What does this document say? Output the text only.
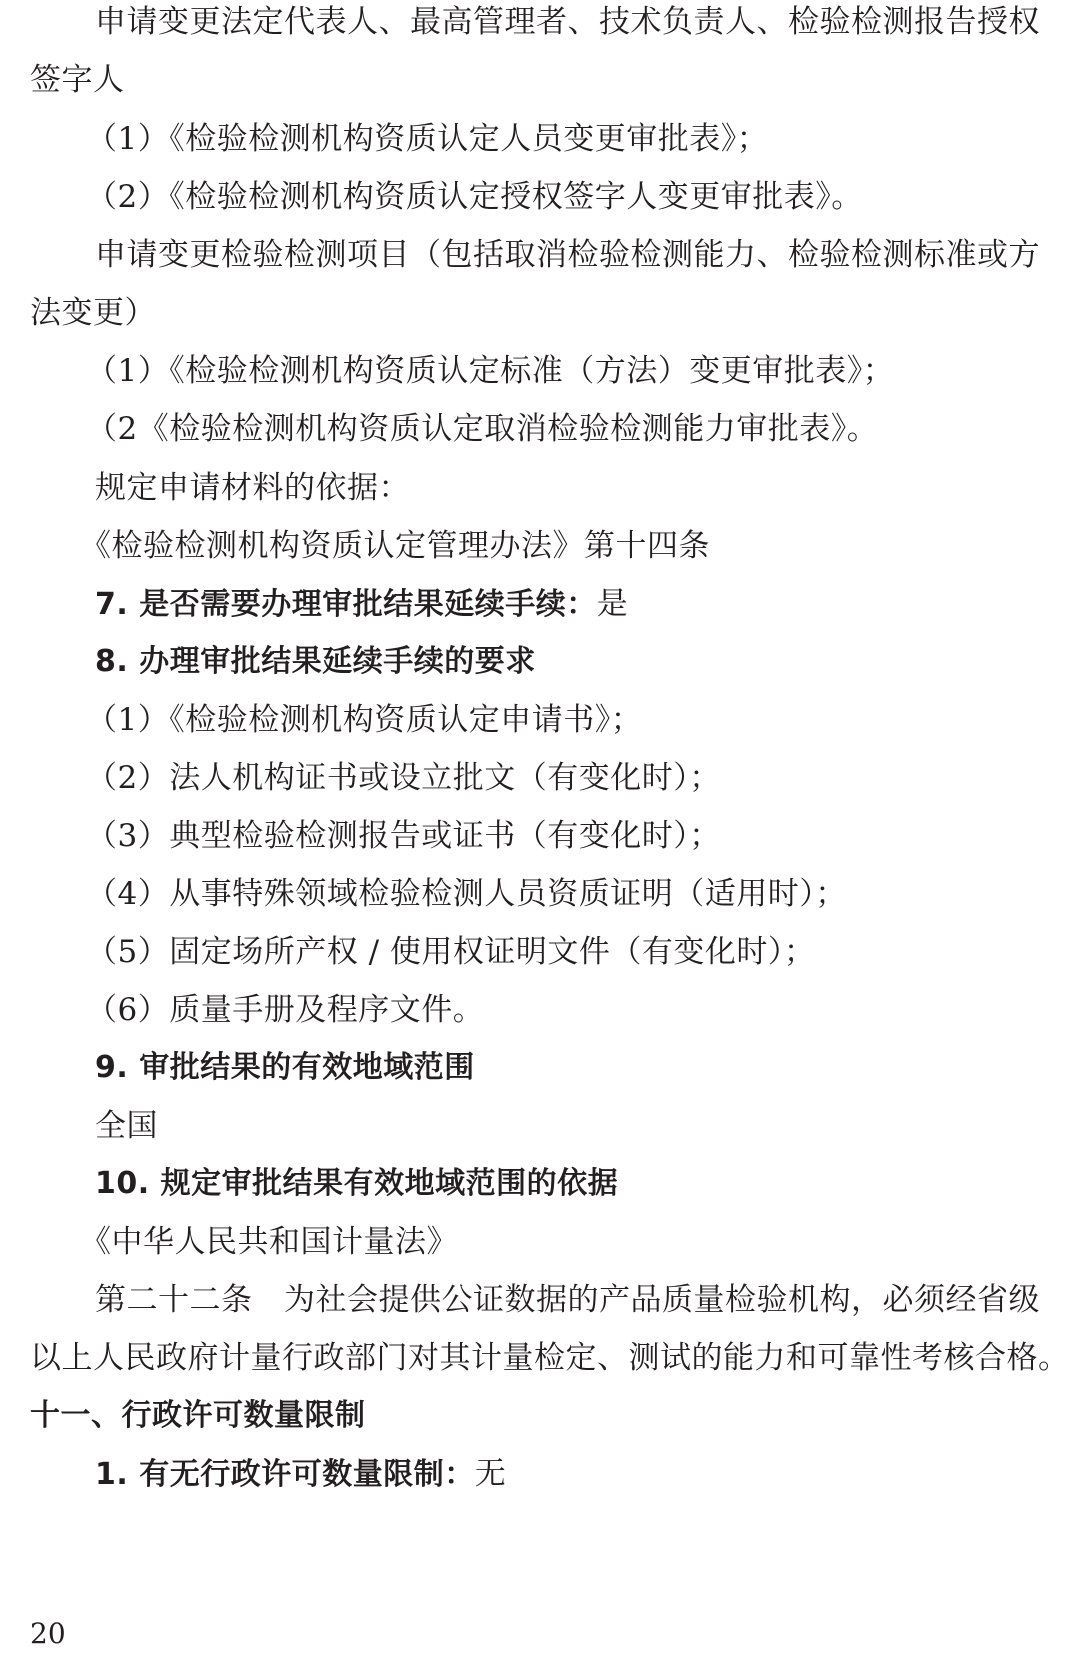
申请变更法定代表人、最高管理者、技术负责人、检验检测报告授权
签字人
（1）《检验检测机构资质认定人员变更审批表》；
（2）《检验检测机构资质认定授权签字人变更审批表》。
申请变更检验检测项目（包括取消检验检测能力、检验检测标准或方
法变更）
（1）《检验检测机构资质认定标准（方法）变更审批表》；
（2《检验检测机构资质认定取消检验检测能力审批表》。
规定申请材料的依据：
《检验检测机构资质认定管理办法》第十四条
7. 是否需要办理审批结果延续手续：是
8. 办理审批结果延续手续的要求
（1）《检验检测机构资质认定申请书》；
（2）法人机构证书或设立批文（有变化时）；
（3）典型检验检测报告或证书（有变化时）；
（4）从事特殊领域检验检测人员资质证明（适用时）；
（5）固定场所产权 / 使用权证明文件（有变化时）；
（6）质量手册及程序文件。
9. 审批结果的有效地域范围
全国
10. 规定审批结果有效地域范围的依据
《中华人民共和国计量法》
第二十二条　为社会提供公证数据的产品质量检验机构，必须经省级
以上人民政府计量行政部门对其计量检定、测试的能力和可靠性考核合格。
十一、行政许可数量限制
1. 有无行政许可数量限制：无
20
